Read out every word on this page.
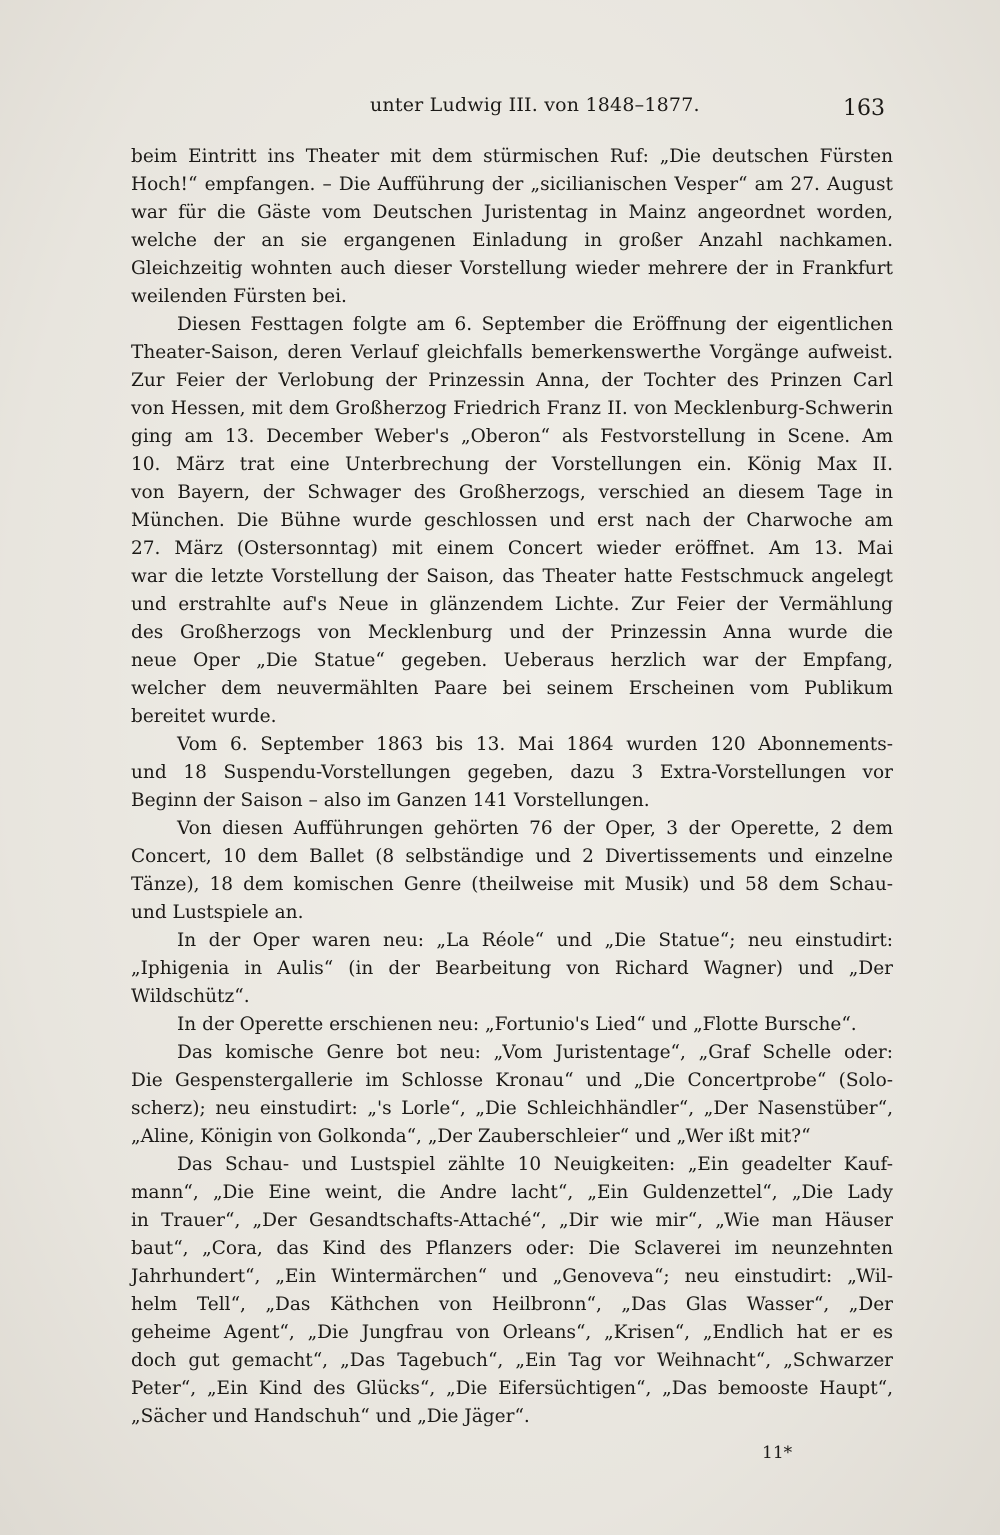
unter Ludwig III. von 1848–1877.	163
beim Eintritt ins Theater mit dem stürmischen Ruf: „Die deutschen Fürsten
Hoch!“ empfangen. – Die Aufführung der „sicilianischen Vesper“ am 27. August
war für die Gäste vom Deutschen Juristentag in Mainz angeordnet worden,
welche der an sie ergangenen Einladung in großer Anzahl nachkamen.
Gleichzeitig wohnten auch dieser Vorstellung wieder mehrere der in Frankfurt
weilenden Fürsten bei.
Diesen Festtagen folgte am 6. September die Eröffnung der eigentlichen
Theater-Saison, deren Verlauf gleichfalls bemerkenswerthe Vorgänge aufweist.
Zur Feier der Verlobung der Prinzessin Anna, der Tochter des Prinzen Carl
von Hessen, mit dem Großherzog Friedrich Franz II. von Mecklenburg-Schwerin
ging am 13. December Weber's „Oberon“ als Festvorstellung in Scene. Am
10. März trat eine Unterbrechung der Vorstellungen ein. König Max II.
von Bayern, der Schwager des Großherzogs, verschied an diesem Tage in
München. Die Bühne wurde geschlossen und erst nach der Charwoche am
27. März (Ostersonntag) mit einem Concert wieder eröffnet. Am 13. Mai
war die letzte Vorstellung der Saison, das Theater hatte Festschmuck angelegt
und erstrahlte auf's Neue in glänzendem Lichte. Zur Feier der Vermählung
des Großherzogs von Mecklenburg und der Prinzessin Anna wurde die
neue Oper „Die Statue“ gegeben. Ueberaus herzlich war der Empfang,
welcher dem neuvermählten Paare bei seinem Erscheinen vom Publikum
bereitet wurde.
Vom 6. September 1863 bis 13. Mai 1864 wurden 120 Abonnements-
und 18 Suspendu-Vorstellungen gegeben, dazu 3 Extra-Vorstellungen vor
Beginn der Saison – also im Ganzen 141 Vorstellungen.
Von diesen Aufführungen gehörten 76 der Oper, 3 der Operette, 2 dem
Concert, 10 dem Ballet (8 selbständige und 2 Divertissements und einzelne
Tänze), 18 dem komischen Genre (theilweise mit Musik) und 58 dem Schau-
und Lustspiele an.
In der Oper waren neu: „La Réole“ und „Die Statue“; neu einstudirt:
„Iphigenia in Aulis“ (in der Bearbeitung von Richard Wagner) und „Der
Wildschütz“.
In der Operette erschienen neu: „Fortunio's Lied“ und „Flotte Bursche“.
Das komische Genre bot neu: „Vom Juristentage“, „Graf Schelle oder:
Die Gespenstergallerie im Schlosse Kronau“ und „Die Concertprobe“ (Solo-
scherz); neu einstudirt: „'s Lorle“, „Die Schleichhändler“, „Der Nasenstüber“,
„Aline, Königin von Golkonda“, „Der Zauberschleier“ und „Wer ißt mit?“
Das Schau- und Lustspiel zählte 10 Neuigkeiten: „Ein geadelter Kauf-
mann“, „Die Eine weint, die Andre lacht“, „Ein Guldenzettel“, „Die Lady
in Trauer“, „Der Gesandtschafts-Attaché“, „Dir wie mir“, „Wie man Häuser
baut“, „Cora, das Kind des Pflanzers oder: Die Sclaverei im neunzehnten
Jahrhundert“, „Ein Wintermärchen“ und „Genoveva“; neu einstudirt: „Wil-
helm Tell“, „Das Käthchen von Heilbronn“, „Das Glas Wasser“, „Der
geheime Agent“, „Die Jungfrau von Orleans“, „Krisen“, „Endlich hat er es
doch gut gemacht“, „Das Tagebuch“, „Ein Tag vor Weihnacht“, „Schwarzer
Peter“, „Ein Kind des Glücks“, „Die Eifersüchtigen“, „Das bemooste Haupt“,
„Sächer und Handschuh“ und „Die Jäger“.
11*
